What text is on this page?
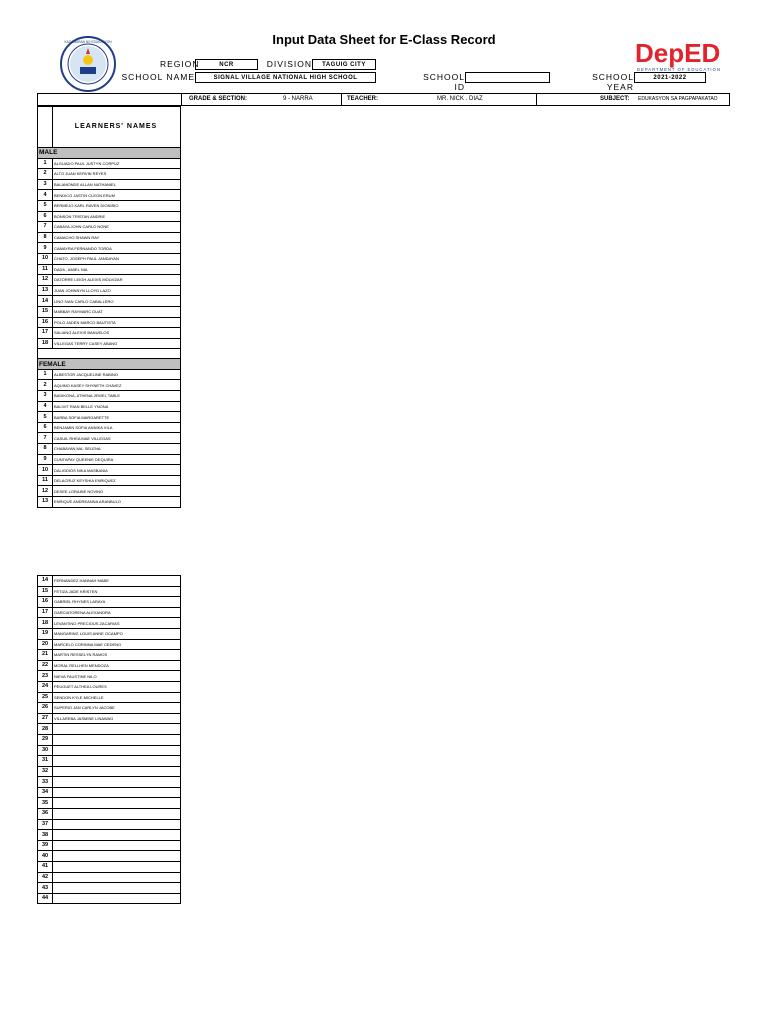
Input Data Sheet for E-Class Record
KAGAWARAN NG EDUKASYON	DepED
DEPARTMENT OF EDUCATION
REGION	NCR	DIVISION	TAGUIG CITY
SCHOOL NAME	SIGNAL VILLAGE NATIONAL HIGH SCHOOL	SCHOOL ID
SCHOOL YEAR
2021-2022
GRADE & SECTION:	9 - NARRA	TEACHER:	MR. NICK . DIAZ	SUBJECT: EDUKASYON SA PAGPAPAKATAO
LEARNERS' NAMES
MALE	
1	ALGUADO PAUL JUSTYN CORPUZ
2	ALTO JUAN KERVIN REYES
3	BALAMONDE ALLAN NATHANIEL
4	BENDICO JASTIN CLEON ERUM
5	BERMEJO KARL RAVEN DIONISIO
6	BONSON TRISTAN ANDRIE
7	CABAYA JOHN CARLO NONE
8	CAMACHO SHAWN RAY
9	CAMAYRA FERNANDO TORDA
10	CHATO, JOSEPH PAUL JANDAYAN
11	DADIL, AMIEL NIA
12	DATORRE LEIGH ALEXIS MOLVIZAR
13	JUAN JOHNNYN LLOYD LAZO
14	LINO IVAN CARLO CABALLERO
15	MABBAY RAYMARC DUAT
16	POLO JADEN MARCO BAUTISTA
17	SALIANG ALEXIS BANUELOS
18	VILLEGAS TERRY CASEY ABANG

FEMALE	
1	ALBESTOR JACQUELINE RABINO
2	AQUINO KASEY SHYNETH CHAVEZ
3	BADIKONA, ATHENA JEWEL TABLE
4	BALIVIT RIAN BELLE YNONA
5	BARBA SOFIA MARGARETTE
6	BENJAMIN SOFIA ANNIKA VILA
7	CASUIL RHEA MAE VILLEGAS
8	CHABAYAN MA. SELENA
9	CUNTAPAY QUEENIE DEQUIRA
10	DALIGDIOS NIKA MASBANIA
11	DELACRUZ KEYSHIA ENRIQUEZ
12	DESEE LORAINE NOVINO
13	ENRIQUE ANDREANNA ARANBULO
14	FERNANDEZ HANNAH MABE
15	FETIZA JADE KRISTEN
16	GABRIEL RHYNES LARAYA
17	GARCIATORENA ALEXANDRA
18	LEVANTINO PRECIOUS ZACARIAS
19	MANGARING LOUIS ANNE OCAMPO
20	MARCELO CORINNA MAE CEDENO
21	MARTIN RESSELYN RAMOS
22	MORAL RELLHEN MENDOZA
23	NIEVA FAUSTINE NILO
24	PEUGUET ALTHEA LOURES
25	SENDON KYLE MICHELLE
26	SUPERIO JAN CARLYN JACOBE
27	VILLAREBA JASMINE LINAWAG
28	
29	
30	
31	
32	
33	
34	
35	
36	
37	
38	
39	
40	
41	
42	
43	
44	
